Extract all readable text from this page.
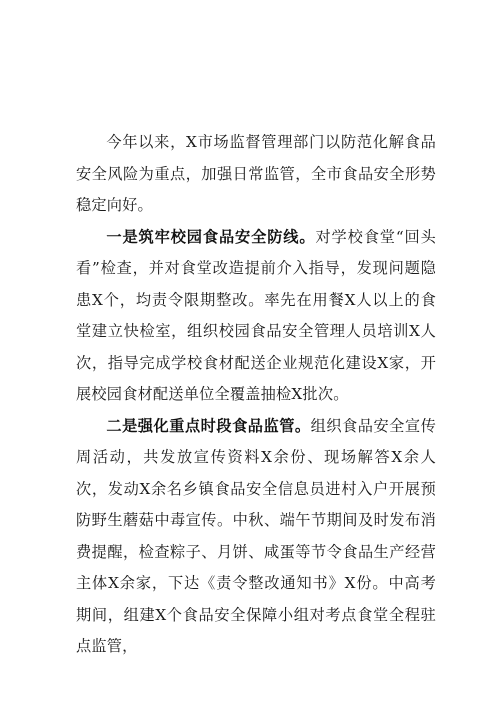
今年以来，X市场监督管理部门以防范化解食品安全风险为重点，加强日常监管，全市食品安全形势稳定向好。

一是筑牢校园食品安全防线。对学校食堂“回头看”检查，并对食堂改造提前介入指导，发现问题隐患X个，均责令限期整改。率先在用餐X人以上的食堂建立快检室，组织校园食品安全管理人员培训X人次，指导完成学校食材配送企业规范化建设X家，开展校园食材配送单位全覆盖抽检X批次。

二是强化重点时段食品监管。组织食品安全宣传周活动，共发放宣传资料X余份、现场解答X余人次，发动X余名乡镇食品安全信息员进村入户开展预防野生蘑菇中毒宣传。中秋、端午节期间及时发布消费提醒，检查粽子、月饼、咸蛋等节令食品生产经营主体X余家，下达《责令整改通知书》X份。中高考期间，组建X个食品安全保障小组对考点食堂全程驻点监管，
